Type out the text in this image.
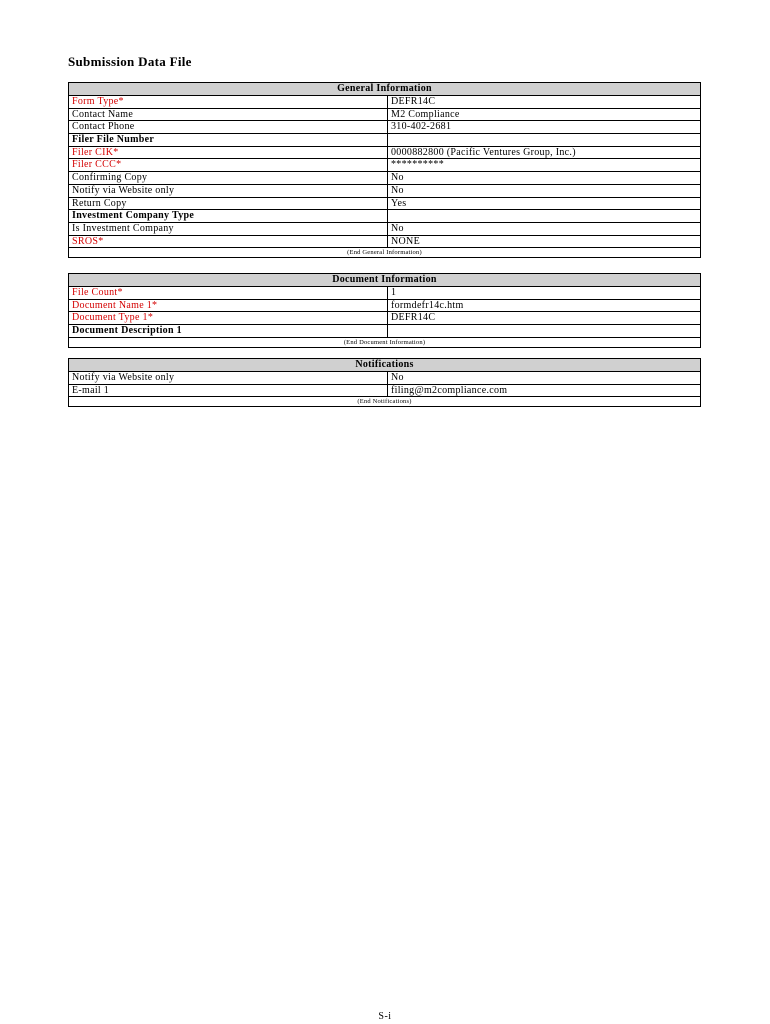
Submission Data File
General Information
Form Type*	DEFR14C
Contact Name	M2 Compliance
Contact Phone	310-402-2681
Filer File Number
Filer CIK*	0000882800 (Pacific Ventures Group, Inc.)
Filer CCC*	**********
Confirming Copy	No
Notify via Website only	No
Return Copy	Yes
Investment Company Type
Is Investment Company	No
SROS*	NONE
(End General Information)
Document Information
File Count*	1
Document Name 1*	formdefr14c.htm
Document Type 1*	DEFR14C
Document Description 1
(End Document Information)
Notifications
Notify via Website only	No
E-mail 1	filing@m2compliance.com
(End Notifications)
S-i
